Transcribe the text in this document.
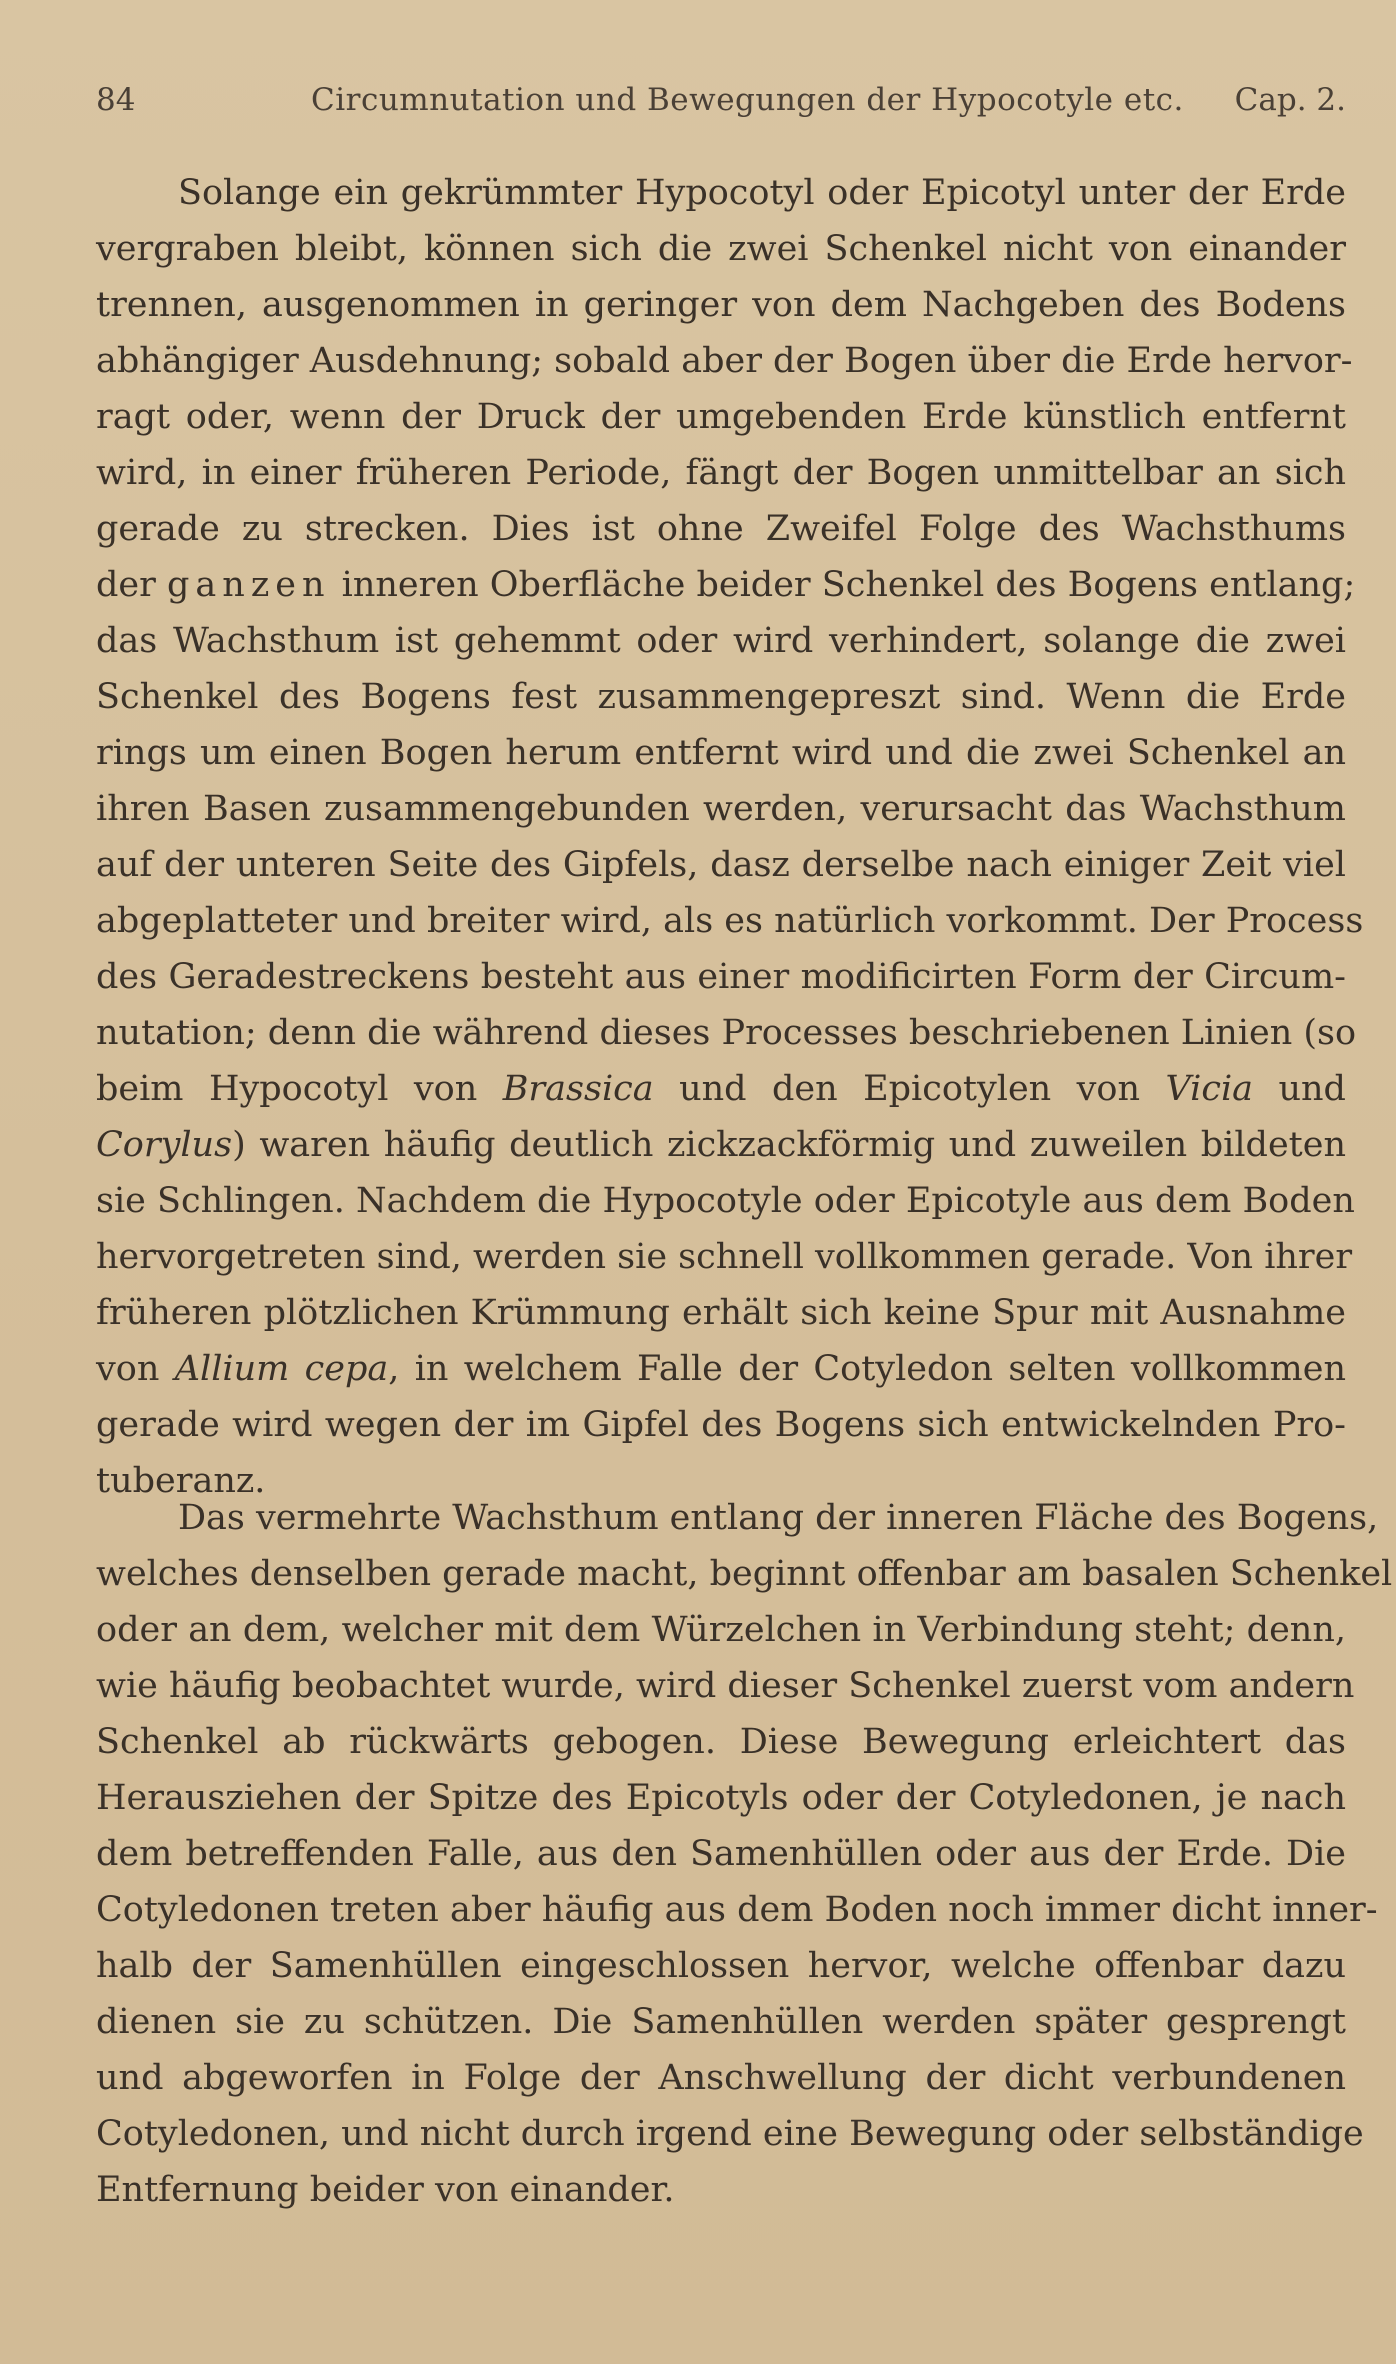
84	Circumnutation und Bewegungen der Hypocotyle etc. Cap. 2.
Solange ein gekrümmter Hypocotyl oder Epicotyl unter der Erde
vergraben bleibt, können sich die zwei Schenkel nicht von einander
trennen, ausgenommen in geringer von dem Nachgeben des Bodens
abhängiger Ausdehnung; sobald aber der Bogen über die Erde hervor-
ragt oder, wenn der Druck der umgebenden Erde künstlich entfernt
wird, in einer früheren Periode, fängt der Bogen unmittelbar an sich
gerade zu strecken. Dies ist ohne Zweifel Folge des Wachsthums
der ganzen inneren Oberfläche beider Schenkel des Bogens entlang;
das Wachsthum ist gehemmt oder wird verhindert, solange die zwei
Schenkel des Bogens fest zusammengepreszt sind. Wenn die Erde
rings um einen Bogen herum entfernt wird und die zwei Schenkel an
ihren Basen zusammengebunden werden, verursacht das Wachsthum
auf der unteren Seite des Gipfels, dasz derselbe nach einiger Zeit viel
abgeplatteter und breiter wird, als es natürlich vorkommt. Der Process
des Geradestreckens besteht aus einer modificirten Form der Circum-
nutation; denn die während dieses Processes beschriebenen Linien (so
beim Hypocotyl von Brassica und den Epicotylen von Vicia und
Corylus) waren häufig deutlich zickzackförmig und zuweilen bildeten
sie Schlingen. Nachdem die Hypocotyle oder Epicotyle aus dem Boden
hervorgetreten sind, werden sie schnell vollkommen gerade. Von ihrer
früheren plötzlichen Krümmung erhält sich keine Spur mit Ausnahme
von Allium cepa, in welchem Falle der Cotyledon selten vollkommen
gerade wird wegen der im Gipfel des Bogens sich entwickelnden Pro-
tuberanz.
Das vermehrte Wachsthum entlang der inneren Fläche des Bogens,
welches denselben gerade macht, beginnt offenbar am basalen Schenkel
oder an dem, welcher mit dem Würzelchen in Verbindung steht; denn,
wie häufig beobachtet wurde, wird dieser Schenkel zuerst vom andern
Schenkel ab rückwärts gebogen. Diese Bewegung erleichtert das
Herausziehen der Spitze des Epicotyls oder der Cotyledonen, je nach
dem betreffenden Falle, aus den Samenhüllen oder aus der Erde. Die
Cotyledonen treten aber häufig aus dem Boden noch immer dicht inner-
halb der Samenhüllen eingeschlossen hervor, welche offenbar dazu
dienen sie zu schützen. Die Samenhüllen werden später gesprengt
und abgeworfen in Folge der Anschwellung der dicht verbundenen
Cotyledonen, und nicht durch irgend eine Bewegung oder selbständige
Entfernung beider von einander.
